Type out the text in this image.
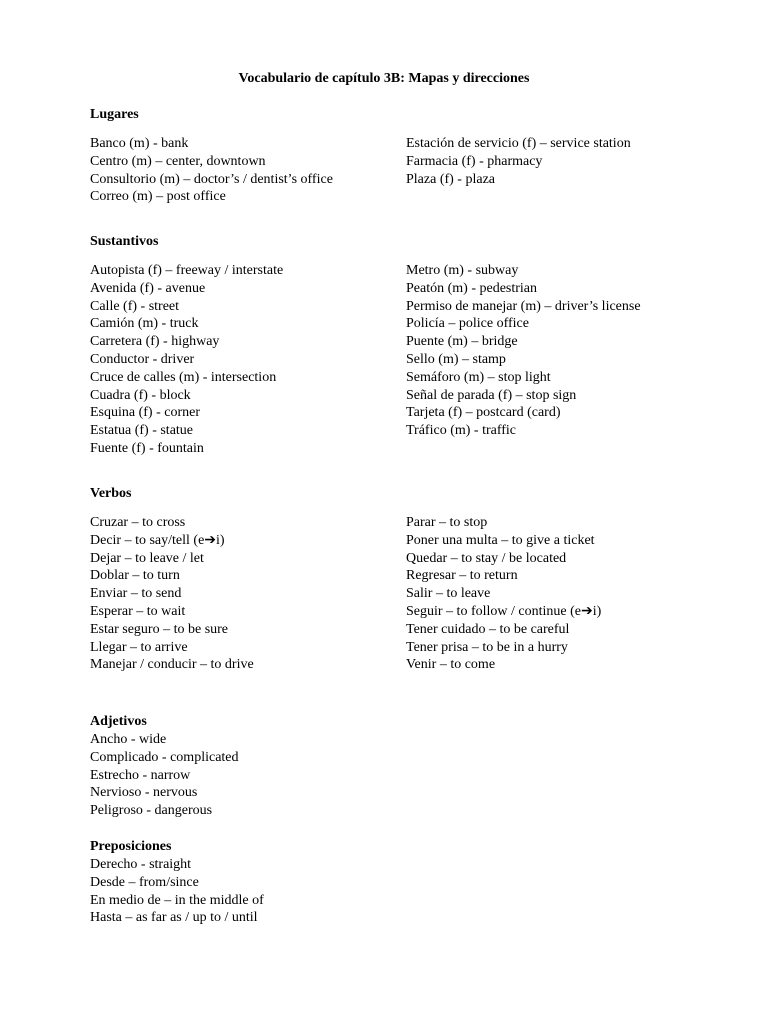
Vocabulario de capítulo 3B: Mapas y direcciones
Lugares
Banco (m) - bank
Centro (m) – center, downtown
Consultorio (m) – doctor’s / dentist’s office
Correo (m) – post office
Estación de servicio (f) – service station
Farmacia (f) - pharmacy
Plaza (f) - plaza
Sustantivos
Autopista (f) – freeway / interstate
Avenida (f) - avenue
Calle (f) - street
Camión (m) - truck
Carretera (f) - highway
Conductor - driver
Cruce de calles (m) - intersection
Cuadra (f) - block
Esquina (f) - corner
Estatua (f) - statue
Fuente (f) - fountain
Metro (m) - subway
Peatón (m) - pedestrian
Permiso de manejar (m) – driver’s license
Policía – police office
Puente (m) – bridge
Sello (m) – stamp
Semáforo (m) – stop light
Señal de parada (f) – stop sign
Tarjeta (f) – postcard (card)
Tráfico (m) - traffic
Verbos
Cruzar – to cross
Decir – to say/tell (e➔i)
Dejar – to leave / let
Doblar – to turn
Enviar – to send
Esperar – to wait
Estar seguro – to be sure
Llegar – to arrive
Manejar / conducir – to drive
Parar – to stop
Poner una multa – to give a ticket
Quedar – to stay / be located
Regresar – to return
Salir – to leave
Seguir – to follow / continue (e➔i)
Tener cuidado – to be careful
Tener prisa – to be in a hurry
Venir – to come
Adjetivos
Ancho - wide
Complicado - complicated
Estrecho - narrow
Nervioso - nervous
Peligroso - dangerous
Preposiciones
Derecho - straight
Desde – from/since
En medio de – in the middle of
Hasta – as far as / up to / until
